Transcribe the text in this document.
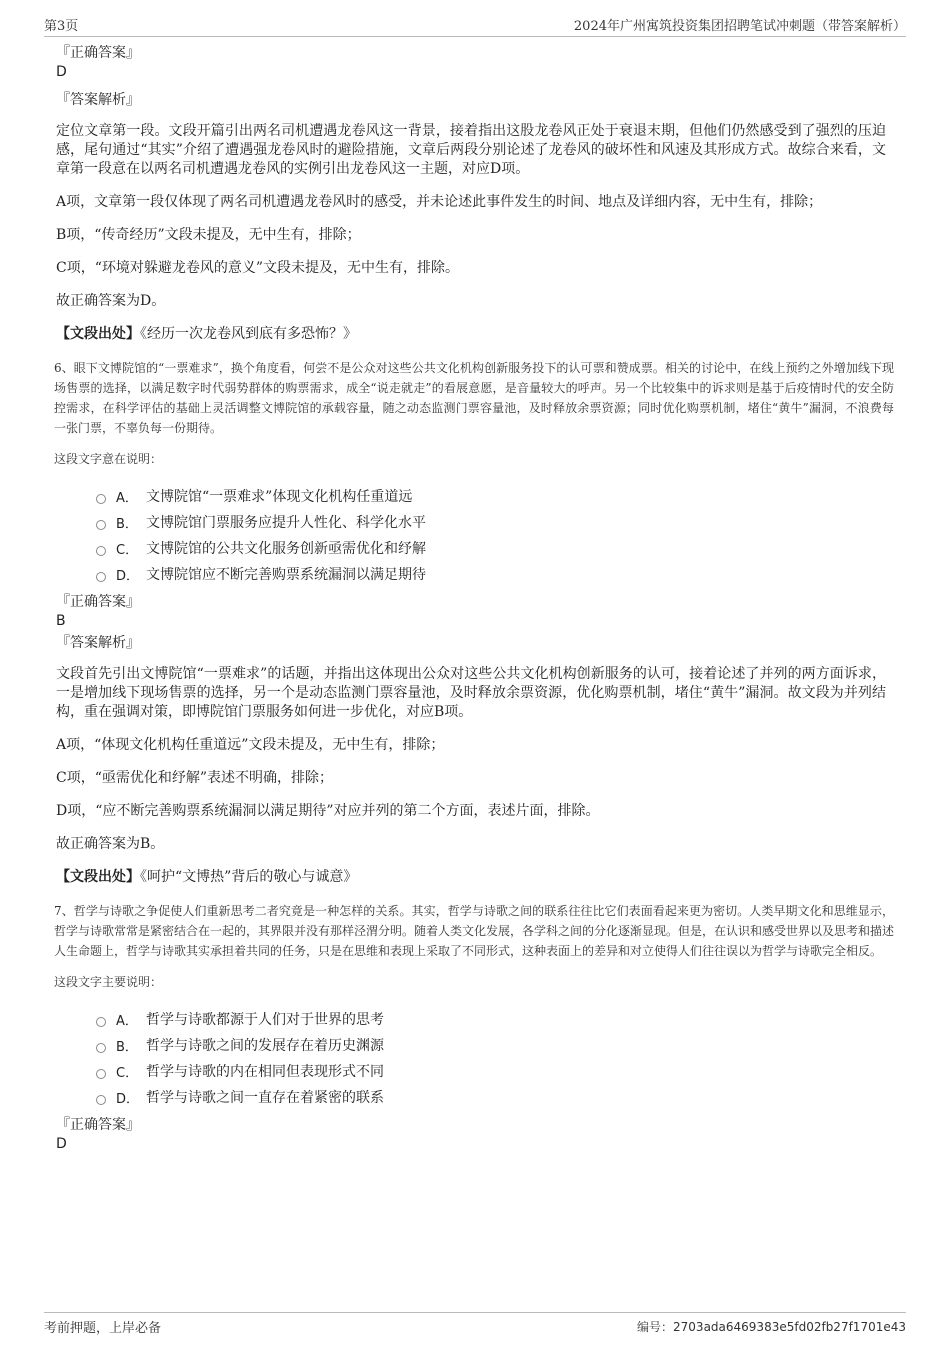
第3页	2024年广州寓筑投资集团招聘笔试冲刺题（带答案解析）
『正确答案』
D
『答案解析』

定位文章第一段。文段开篇引出两名司机遭遇龙卷风这一背景，接着指出这股龙卷风正处于衰退末期，但他们仍然感受到了强烈的压迫感，尾句通过“其实”介绍了遭遇强龙卷风时的避险措施，文章后两段分别论述了龙卷风的破坏性和风速及其形成方式。故综合来看，文章第一段意在以两名司机遭遇龙卷风的实例引出龙卷风这一主题，对应D项。

A项，文章第一段仅体现了两名司机遭遇龙卷风时的感受，并未论述此事件发生的时间、地点及详细内容，无中生有，排除；

B项，“传奇经历”文段未提及，无中生有，排除；

C项，“环境对躲避龙卷风的意义”文段未提及，无中生有，排除。

故正确答案为D。

【文段出处】《经历一次龙卷风到底有多恐怖？》

6、眼下文博院馆的“一票难求”，换个角度看，何尝不是公众对这些公共文化机构创新服务投下的认可票和赞成票。相关的讨论中，在线上预约之外增加线下现场售票的选择，以满足数字时代弱势群体的购票需求，成全“说走就走”的看展意愿，是音量较大的呼声。另一个比较集中的诉求则是基于后疫情时代的安全防控需求，在科学评估的基础上灵活调整文博院馆的承载容量，随之动态监测门票容量池，及时释放余票资源；同时优化购票机制，堵住“黄牛”漏洞，不浪费每一张门票，不辜负每一份期待。
这段文字意在说明：
A． 文博院馆“一票难求”体现文化机构任重道远
B． 文博院馆门票服务应提升人性化、科学化水平
C． 文博院馆的公共文化服务创新亟需优化和纾解
D． 文博院馆应不断完善购票系统漏洞以满足期待
『正确答案』
B
『答案解析』

文段首先引出文博院馆“一票难求”的话题，并指出这体现出公众对这些公共文化机构创新服务的认可，接着论述了并列的两方面诉求，一是增加线下现场售票的选择，另一个是动态监测门票容量池，及时释放余票资源，优化购票机制，堵住“黄牛”漏洞。故文段为并列结构，重在强调对策，即博院馆门票服务如何进一步优化，对应B项。

A项，“体现文化机构任重道远”文段未提及，无中生有，排除；

C项，“亟需优化和纾解”表述不明确，排除；

D项，“应不断完善购票系统漏洞以满足期待”对应并列的第二个方面，表述片面，排除。

故正确答案为B。

【文段出处】《呵护“文博热”背后的敬心与诚意》

7、哲学与诗歌之争促使人们重新思考二者究竟是一种怎样的关系。其实，哲学与诗歌之间的联系往往比它们表面看起来更为密切。人类早期文化和思维显示，哲学与诗歌常常是紧密结合在一起的，其界限并没有那样泾渭分明。随着人类文化发展，各学科之间的分化逐渐显现。但是，在认识和感受世界以及思考和描述人生命题上，哲学与诗歌其实承担着共同的任务，只是在思维和表现上采取了不同形式，这种表面上的差异和对立使得人们往往误以为哲学与诗歌完全相反。
这段文字主要说明：
A． 哲学与诗歌都源于人们对于世界的思考
B． 哲学与诗歌之间的发展存在着历史渊源
C． 哲学与诗歌的内在相同但表现形式不同
D． 哲学与诗歌之间一直存在着紧密的联系
『正确答案』
D
考前押题，上岸必备	编号：2703ada6469383e5fd02fb27f1701e43
